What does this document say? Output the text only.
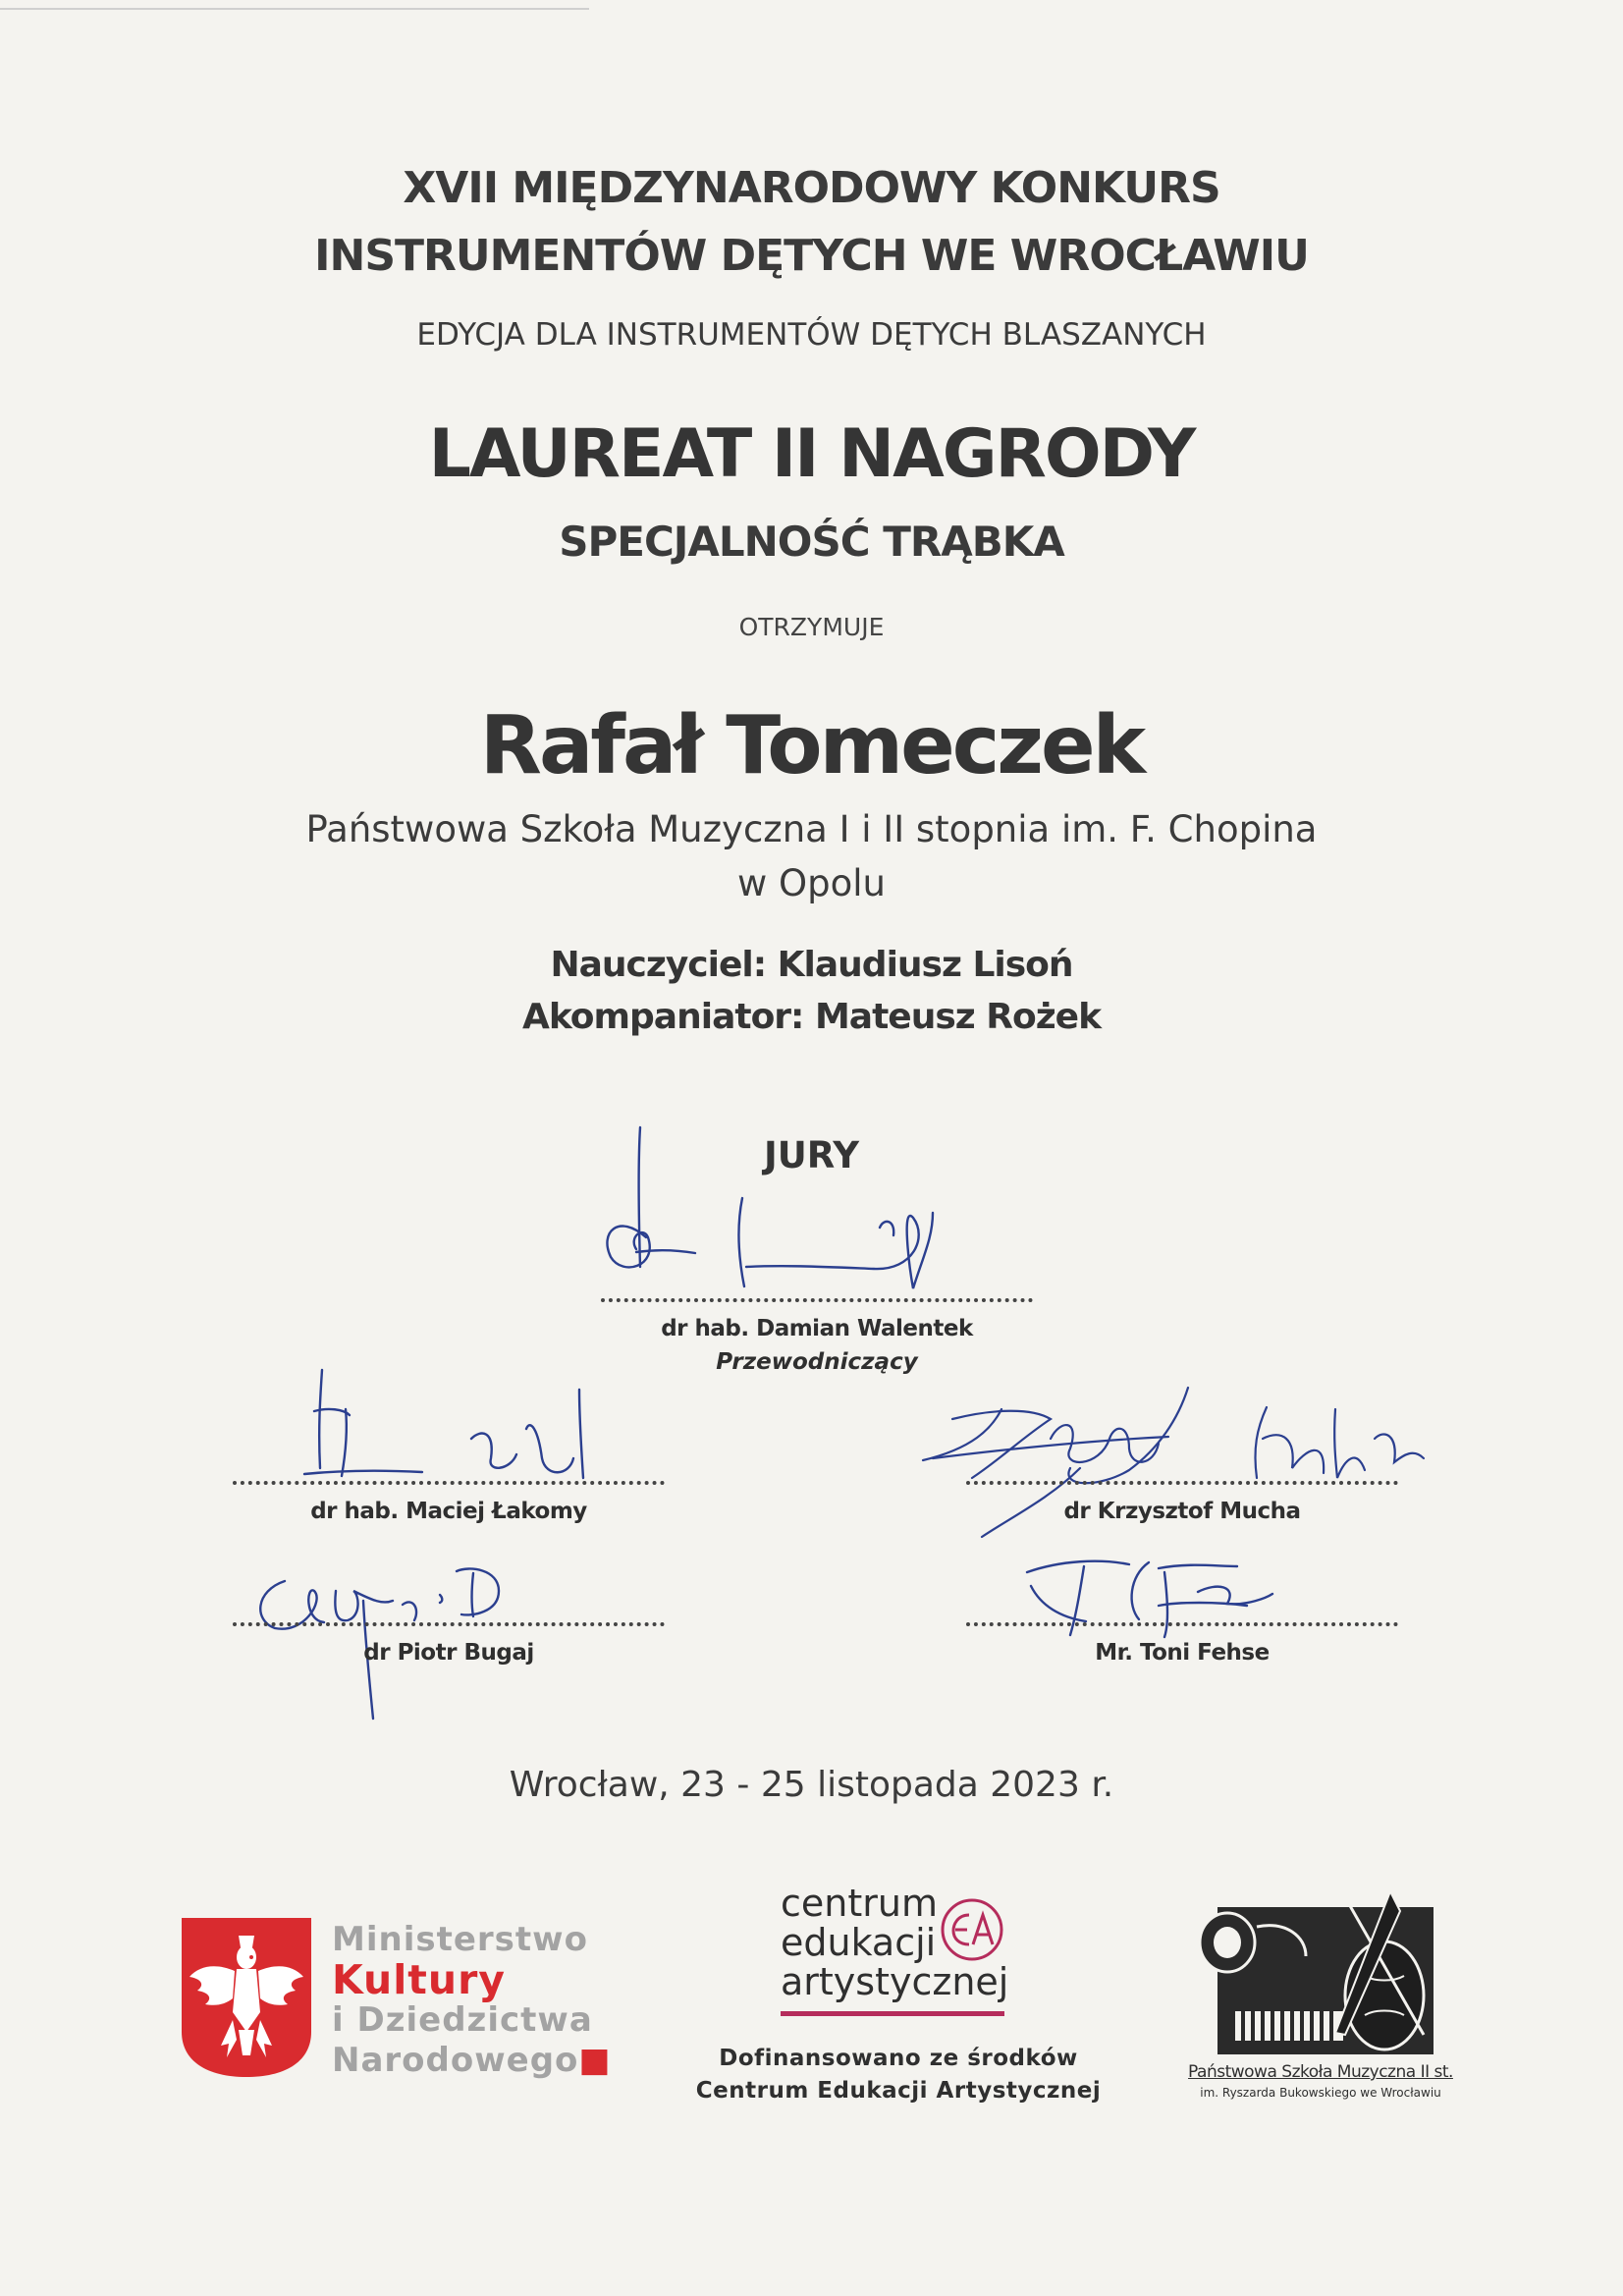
XVII MIĘDZYNARODOWY KONKURS
INSTRUMENTÓW DĘTYCH WE WROCŁAWIU
EDYCJA DLA INSTRUMENTÓW DĘTYCH BLASZANYCH
LAUREAT II NAGRODY
SPECJALNOŚĆ TRĄBKA
OTRZYMUJE
Rafał Tomeczek
Państwowa Szkoła Muzyczna I i II stopnia im. F. Chopina
w Opolu
Nauczyciel: Klaudiusz Lisoń
Akompaniator: Mateusz Rożek
JURY
dr hab. Damian Walentek
Przewodniczący
dr hab. Maciej Łakomy	dr Krzysztof Mucha
dr Piotr Bugaj	Mr. Toni Fehse
Wrocław, 23 - 25 listopada 2023 r.
Ministerstwo
Kultury
i Dziedzictwa
Narodowego■
centrum
edukacji
artystycznej
Dofinansowano ze środków
Centrum Edukacji Artystycznej
Państwowa Szkoła Muzyczna II st.
im. Ryszarda Bukowskiego we Wrocławiu
